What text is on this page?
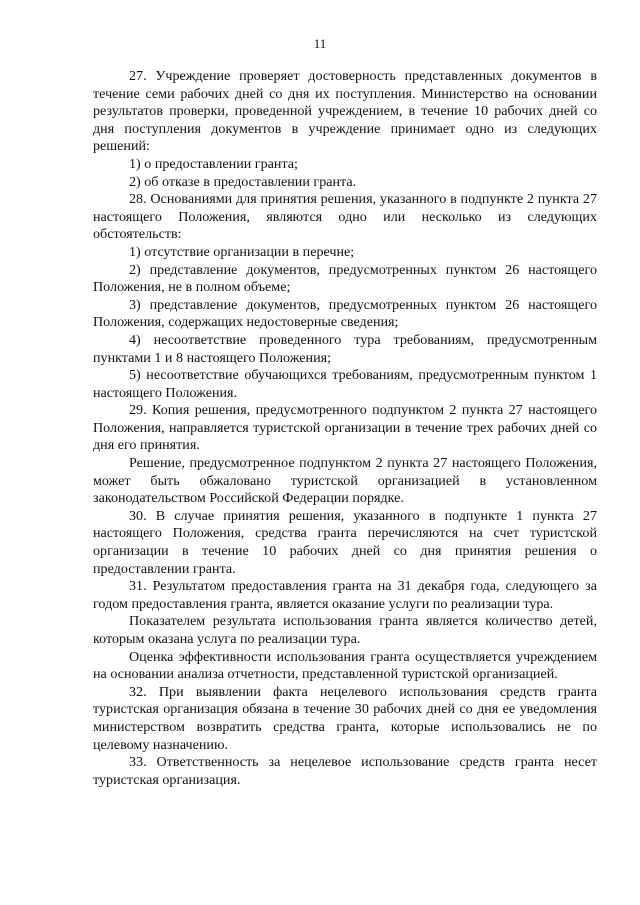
11

27. Учреждение проверяет достоверность представленных документов в течение семи рабочих дней со дня их поступления. Министерство на основании результатов проверки, проведенной учреждением, в течение 10 рабочих дней со дня поступления документов в учреждение принимает одно из следующих решений:

1) о предоставлении гранта;

2) об отказе в предоставлении гранта.

28. Основаниями для принятия решения, указанного в подпункте 2 пункта 27 настоящего Положения, являются одно или несколько из следующих обстоятельств:

1) отсутствие организации в перечне;

2) представление документов, предусмотренных пунктом 26 настоящего Положения, не в полном объеме;

3) представление документов, предусмотренных пунктом 26 настоящего Положения, содержащих недостоверные сведения;

4) несоответствие проведенного тура требованиям, предусмотренным пунктами 1 и 8 настоящего Положения;

5) несоответствие обучающихся требованиям, предусмотренным пунктом 1 настоящего Положения.

29. Копия решения, предусмотренного подпунктом 2 пункта 27 настоящего Положения, направляется туристской организации в течение трех рабочих дней со дня его принятия.

Решение, предусмотренное подпунктом 2 пункта 27 настоящего Положения, может быть обжаловано туристской организацией в установленном законодательством Российской Федерации порядке.

30. В случае принятия решения, указанного в подпункте 1 пункта 27 настоящего Положения, средства гранта перечисляются на счет туристской организации в течение 10 рабочих дней со дня принятия решения о предоставлении гранта.

31. Результатом предоставления гранта на 31 декабря года, следующего за годом предоставления гранта, является оказание услуги по реализации тура.

Показателем результата использования гранта является количество детей, которым оказана услуга по реализации тура.

Оценка эффективности использования гранта осуществляется учреждением на основании анализа отчетности, представленной туристской организацией.

32. При выявлении факта нецелевого использования средств гранта туристская организация обязана в течение 30 рабочих дней со дня ее уведомления министерством возвратить средства гранта, которые использовались не по целевому назначению.

33. Ответственность за нецелевое использование средств гранта несет туристская организация.
